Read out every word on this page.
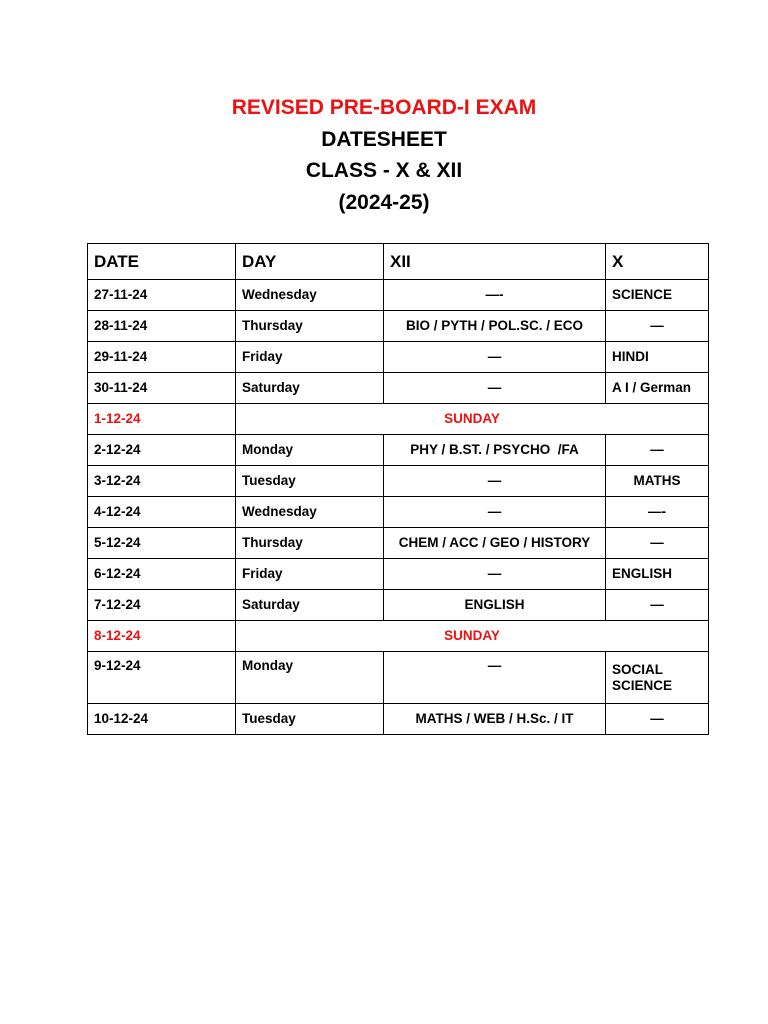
REVISED PRE-BOARD-I EXAM
DATESHEET
CLASS - X & XII
(2024-25)
DATE	DAY	XII	X
27-11-24	Wednesday	—-	SCIENCE
28-11-24	Thursday	BIO / PYTH / POL.SC. / ECO	—
29-11-24	Friday	—	HINDI
30-11-24	Saturday	—	A I / German
1-12-24	SUNDAY		
2-12-24	Monday	PHY / B.ST. / PSYCHO  /FA	—
3-12-24	Tuesday	—	MATHS
4-12-24	Wednesday	—	—-
5-12-24	Thursday	CHEM / ACC / GEO / HISTORY	—
6-12-24	Friday	—	ENGLISH
7-12-24	Saturday	ENGLISH	—
8-12-24	SUNDAY		
9-12-24	Monday	—	SOCIAL SCIENCE
10-12-24	Tuesday	MATHS / WEB / H.Sc. / IT	—
